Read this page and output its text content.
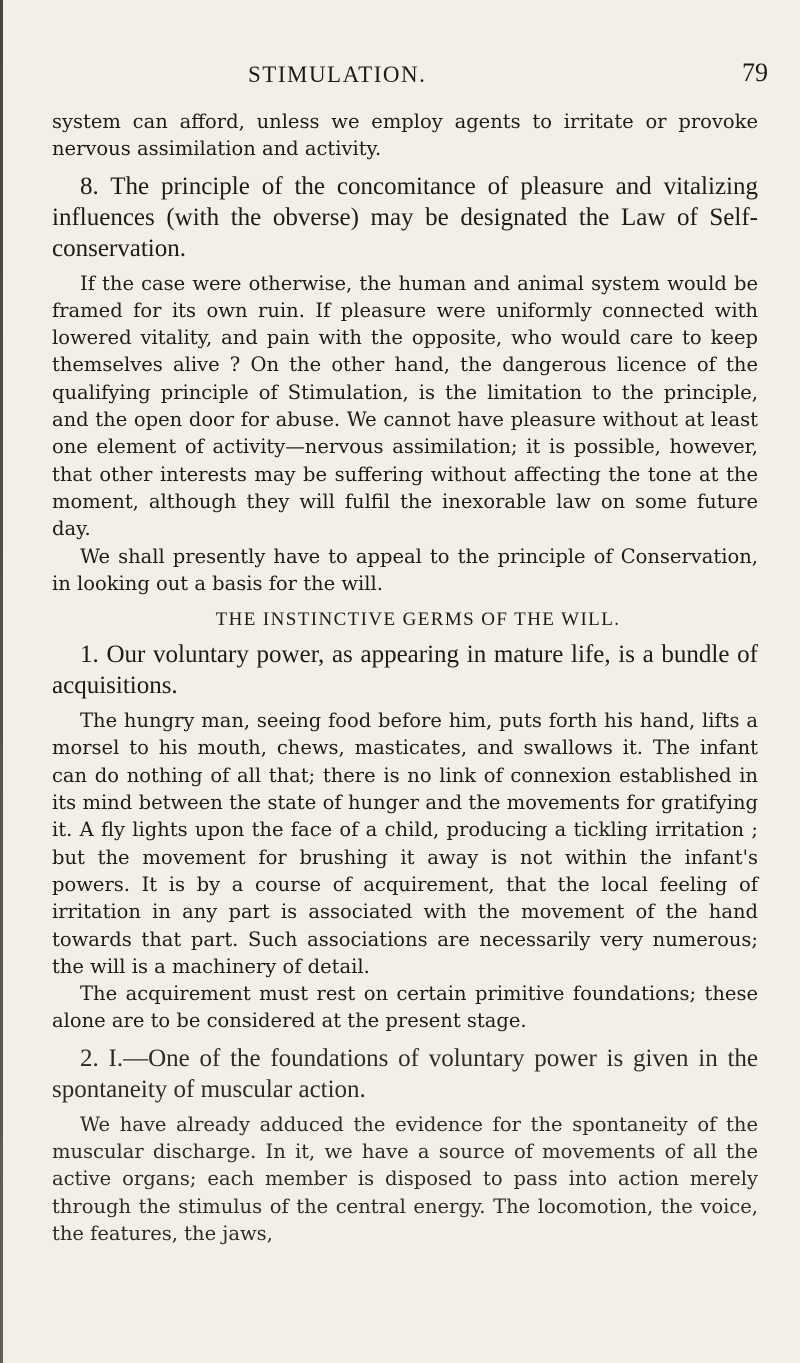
STIMULATION.	79

system can afford, unless we employ agents to irritate or provoke nervous assimilation and activity.

8. The principle of the concomitance of pleasure and vitalizing influences (with the obverse) may be designated the Law of Self-conservation.

If the case were otherwise, the human and animal system would be framed for its own ruin. If pleasure were uniformly connected with lowered vitality, and pain with the opposite, who would care to keep themselves alive ? On the other hand, the dangerous licence of the qualifying principle of Stimulation, is the limitation to the principle, and the open door for abuse. We cannot have pleasure without at least one element of activity—nervous assimilation; it is possible, however, that other interests may be suffering without affecting the tone at the moment, although they will fulfil the inexorable law on some future day.

We shall presently have to appeal to the principle of Conservation, in looking out a basis for the will.

THE INSTINCTIVE GERMS OF THE WILL.

1. Our voluntary power, as appearing in mature life, is a bundle of acquisitions.

The hungry man, seeing food before him, puts forth his hand, lifts a morsel to his mouth, chews, masticates, and swallows it. The infant can do nothing of all that; there is no link of connexion established in its mind between the state of hunger and the movements for gratifying it. A fly lights upon the face of a child, producing a tickling irritation ; but the movement for brushing it away is not within the infant's powers. It is by a course of acquirement, that the local feeling of irritation in any part is associated with the movement of the hand towards that part. Such associations are necessarily very numerous; the will is a machinery of detail.

The acquirement must rest on certain primitive foundations; these alone are to be considered at the present stage.

2. I.—One of the foundations of voluntary power is given in the spontaneity of muscular action.

We have already adduced the evidence for the spontaneity of the muscular discharge. In it, we have a source of movements of all the active organs; each member is disposed to pass into action merely through the stimulus of the central energy. The locomotion, the voice, the features, the jaws,
